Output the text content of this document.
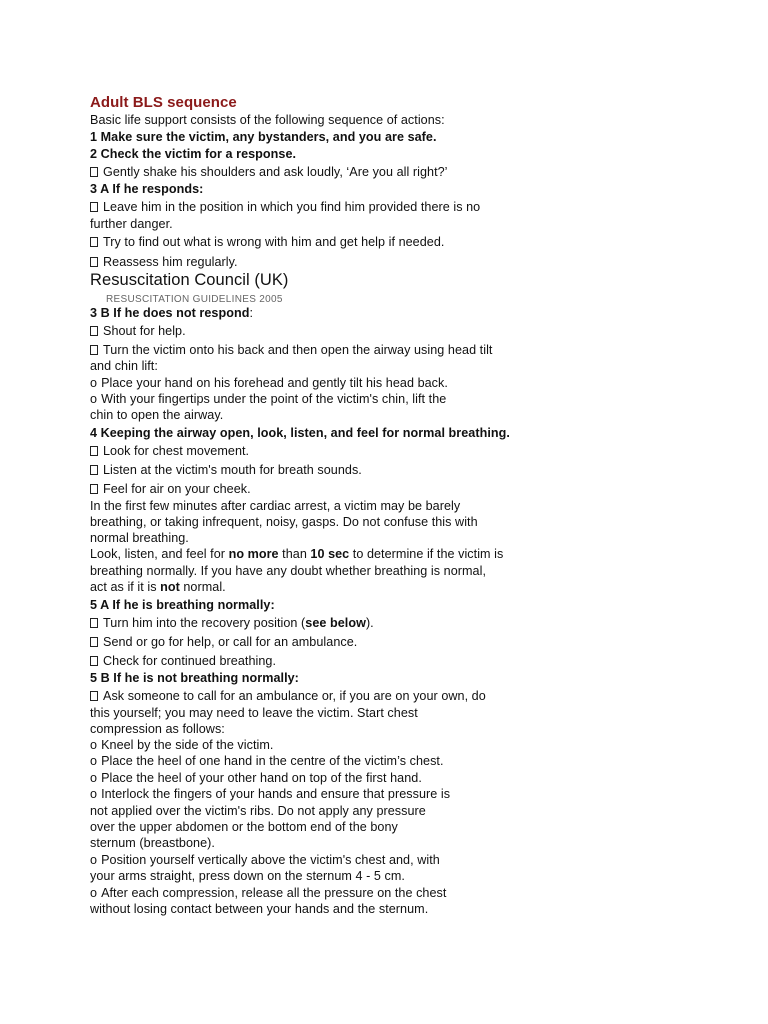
Adult BLS sequence
Basic life support consists of the following sequence of actions:
1 Make sure the victim, any bystanders, and you are safe.
2 Check the victim for a response.
Gently shake his shoulders and ask loudly, ‘Are you all right?’
3 A If he responds:
Leave him in the position in which you find him provided there is no
further danger.
Try to find out what is wrong with him and get help if needed.
Reassess him regularly.
Resuscitation Council (UK)
RESUSCITATION GUIDELINES 2005
3 B If he does not respond:
Shout for help.
Turn the victim onto his back and then open the airway using head tilt
and chin lift:
o Place your hand on his forehead and gently tilt his head back.
o With your fingertips under the point of the victim's chin, lift the
chin to open the airway.
4 Keeping the airway open, look, listen, and feel for normal breathing.
Look for chest movement.
Listen at the victim's mouth for breath sounds.
Feel for air on your cheek.
In the first few minutes after cardiac arrest, a victim may be barely
breathing, or taking infrequent, noisy, gasps. Do not confuse this with
normal breathing.
Look, listen, and feel for no more than 10 sec to determine if the victim is
breathing normally. If you have any doubt whether breathing is normal,
act as if it is not normal.
5 A If he is breathing normally:
Turn him into the recovery position (see below).
Send or go for help, or call for an ambulance.
Check for continued breathing.
5 B If he is not breathing normally:
Ask someone to call for an ambulance or, if you are on your own, do
this yourself; you may need to leave the victim. Start chest
compression as follows:
o Kneel by the side of the victim.
o Place the heel of one hand in the centre of the victim’s chest.
o Place the heel of your other hand on top of the first hand.
o Interlock the fingers of your hands and ensure that pressure is
not applied over the victim's ribs. Do not apply any pressure
over the upper abdomen or the bottom end of the bony
sternum (breastbone).
o Position yourself vertically above the victim's chest and, with
your arms straight, press down on the sternum 4 - 5 cm.
o After each compression, release all the pressure on the chest
without losing contact between your hands and the sternum.
